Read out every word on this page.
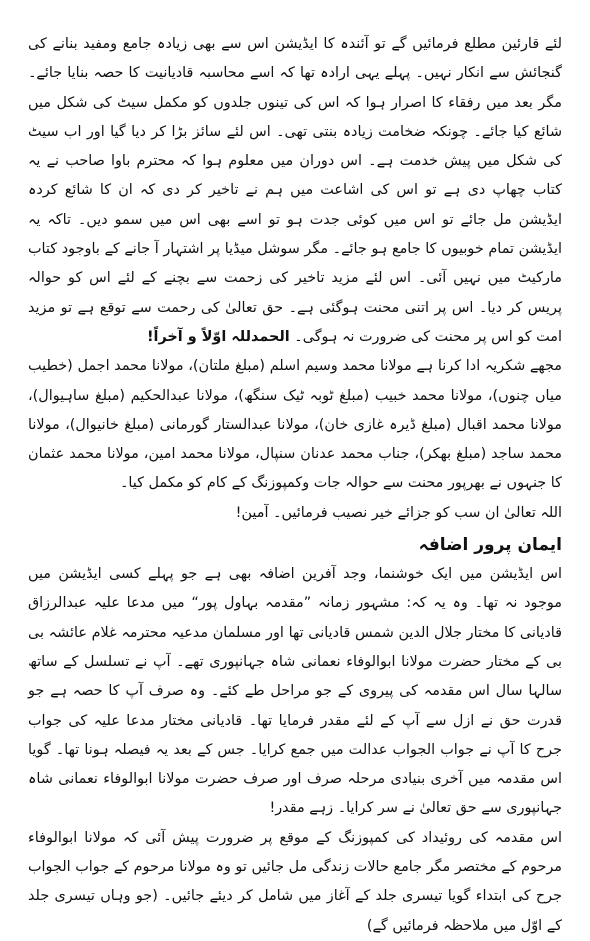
لئے قارئین مطلع فرمائیں گے تو آئندہ کا ایڈیشن اس سے بھی زیادہ جامع ومفید بنانے کی گنجائش سے انکار نہیں۔ پہلے یہی ارادہ تھا کہ اسے محاسبہ قادیانیت کا حصہ بنایا جائے۔ مگر بعد میں رفقاء کا اصرار ہوا کہ اس کی تینوں جلدوں کو مکمل سیٹ کی شکل میں شائع کیا جائے۔ چونکہ ضخامت زیادہ بنتی تھی۔ اس لئے سائز بڑا کر دیا گیا اور اب سیٹ کی شکل میں پیش خدمت ہے۔ اس دوران میں معلوم ہوا کہ محترم باوا صاحب نے یہ کتاب چھاپ دی ہے تو اس کی اشاعت میں ہم نے تاخیر کر دی کہ ان کا شائع کردہ ایڈیشن مل جائے تو اس میں کوئی جدت ہو تو اسے بھی اس میں سمو دیں۔ تاکہ یہ ایڈیشن تمام خوبیوں کا جامع ہو جائے۔ مگر سوشل میڈیا پر اشتہار آ جانے کے باوجود کتاب مارکیٹ میں نہیں آئی۔ اس لئے مزید تاخیر کی زحمت سے بچنے کے لئے اس کو حوالہ پریس کر دیا۔ اس پر اتنی محنت ہوگئی ہے۔ حق تعالیٰ کی رحمت سے توقع ہے تو مزید امت کو اس پر محنت کی ضرورت نہ ہوگی۔ الحمدللہ اوّلاً و آخراً!

مجھے شکریہ ادا کرنا ہے مولانا محمد وسیم اسلم (مبلغ ملتان)، مولانا محمد اجمل (خطیب میاں چنوں)، مولانا محمد خبیب (مبلغ ٹوبہ ٹیک سنگھ)، مولانا عبدالحکیم (مبلغ ساہیوال)، مولانا محمد اقبال (مبلغ ڈیرہ غازی خان)، مولانا عبدالستار گورمانی (مبلغ خانیوال)، مولانا محمد ساجد (مبلغ بھکر)، جناب محمد عدنان سنپال، مولانا محمد امین، مولانا محمد عثمان کا جنہوں نے بھرپور محنت سے حوالہ جات وکمپوزنگ کے کام کو مکمل کیا۔

اللہ تعالیٰ ان سب کو جزائے خیر نصیب فرمائیں۔ آمین!

ایمان پرور اضافہ

اس ایڈیشن میں ایک خوشنما، وجد آفرین اضافہ بھی ہے جو پہلے کسی ایڈیشن میں موجود نہ تھا۔ وہ یہ کہ: مشہور زمانہ ”مقدمہ بہاول پور“ میں مدعا علیہ عبدالرزاق قادیانی کا مختار جلال الدین شمس قادیانی تھا اور مسلمان مدعیہ محترمہ غلام عائشہ بی بی کے مختار حضرت مولانا ابوالوفاء نعمانی شاہ جہانپوری تھے۔ آپ نے تسلسل کے ساتھ سالہا سال اس مقدمہ کی پیروی کے جو مراحل طے کئے۔ وہ صرف آپ کا حصہ ہے جو قدرت حق نے ازل سے آپ کے لئے مقدر فرمایا تھا۔ قادیانی مختار مدعا علیہ کی جواب جرح کا آپ نے جواب الجواب عدالت میں جمع کرایا۔ جس کے بعد یہ فیصلہ ہونا تھا۔ گویا اس مقدمہ میں آخری بنیادی مرحلہ صرف اور صرف حضرت مولانا ابوالوفاء نعمانی شاہ جہانپوری سے حق تعالیٰ نے سر کرایا۔ زہے مقدر!

اس مقدمہ کی روئیداد کی کمپوزنگ کے موقع پر ضرورت پیش آئی کہ مولانا ابوالوفاء مرحوم کے مختصر مگر جامع حالات زندگی مل جائیں تو وہ مولانا مرحوم کے جواب الجواب جرح کی ابتداء گویا تیسری جلد کے آغاز میں شامل کر دیئے جائیں۔ (جو وہاں تیسری جلد کے اوّل میں ملاحظہ فرمائیں گے)
